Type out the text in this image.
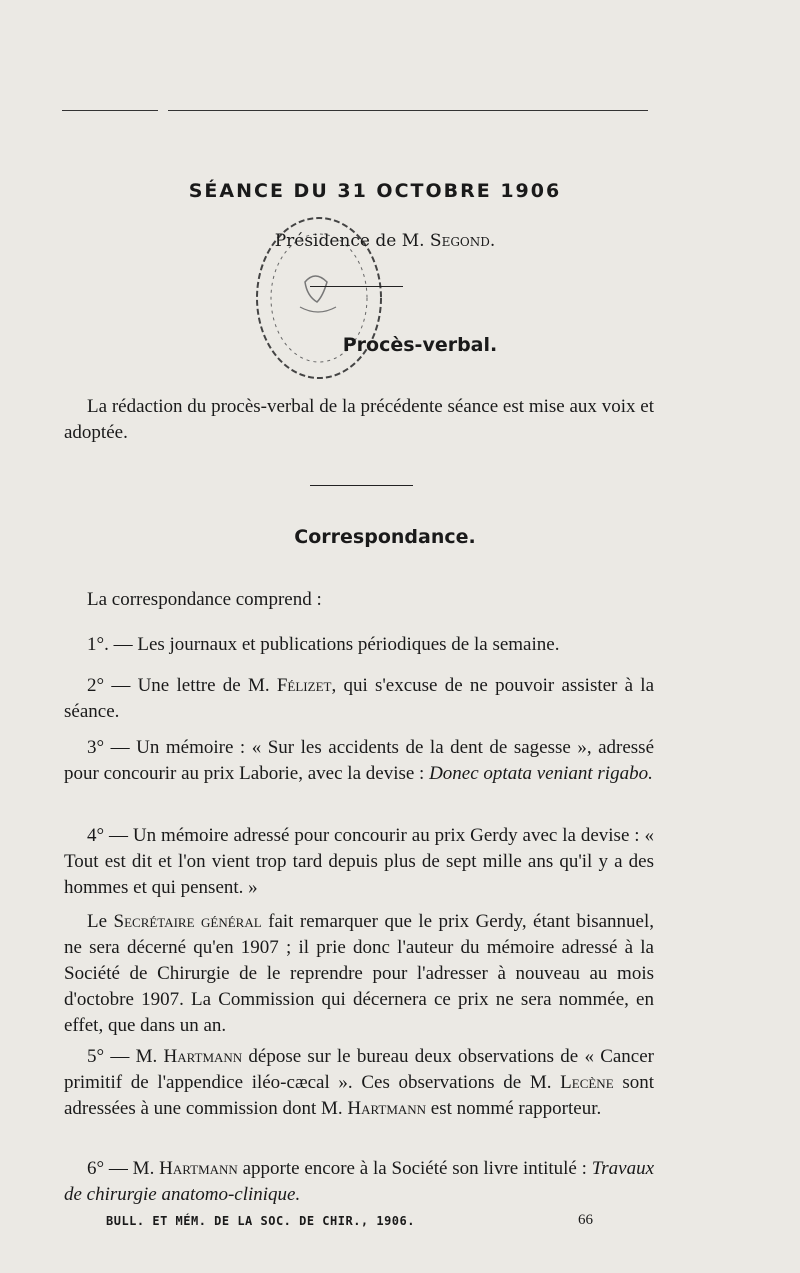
SÉANCE DU 31 OCTOBRE 1906
Présidence de M. Segond.
Procès-verbal.
La rédaction du procès-verbal de la précédente séance est mise aux voix et adoptée.
Correspondance.
La correspondance comprend :
1°. — Les journaux et publications périodiques de la semaine.
2° — Une lettre de M. Félizet, qui s'excuse de ne pouvoir assister à la séance.
3° — Un mémoire : « Sur les accidents de la dent de sagesse », adressé pour concourir au prix Laborie, avec la devise : Donec optata veniant rigabo.
4° — Un mémoire adressé pour concourir au prix Gerdy avec la devise : « Tout est dit et l'on vient trop tard depuis plus de sept mille ans qu'il y a des hommes et qui pensent. »
Le Secrétaire général fait remarquer que le prix Gerdy, étant bisannuel, ne sera décerné qu'en 1907 ; il prie donc l'auteur du mémoire adressé à la Société de Chirurgie de le reprendre pour l'adresser à nouveau au mois d'octobre 1907. La Commission qui décernera ce prix ne sera nommée, en effet, que dans un an.
5° — M. Hartmann dépose sur le bureau deux observations de « Cancer primitif de l'appendice iléo-cæcal ». Ces observations de M. Lecène sont adressées à une commission dont M. Hartmann est nommé rapporteur.
6° — M. Hartmann apporte encore à la Société son livre intitulé : Travaux de chirurgie anatomo-clinique.
BULL. ET MÉM. DE LA SOC. DE CHIR., 1906.	66
